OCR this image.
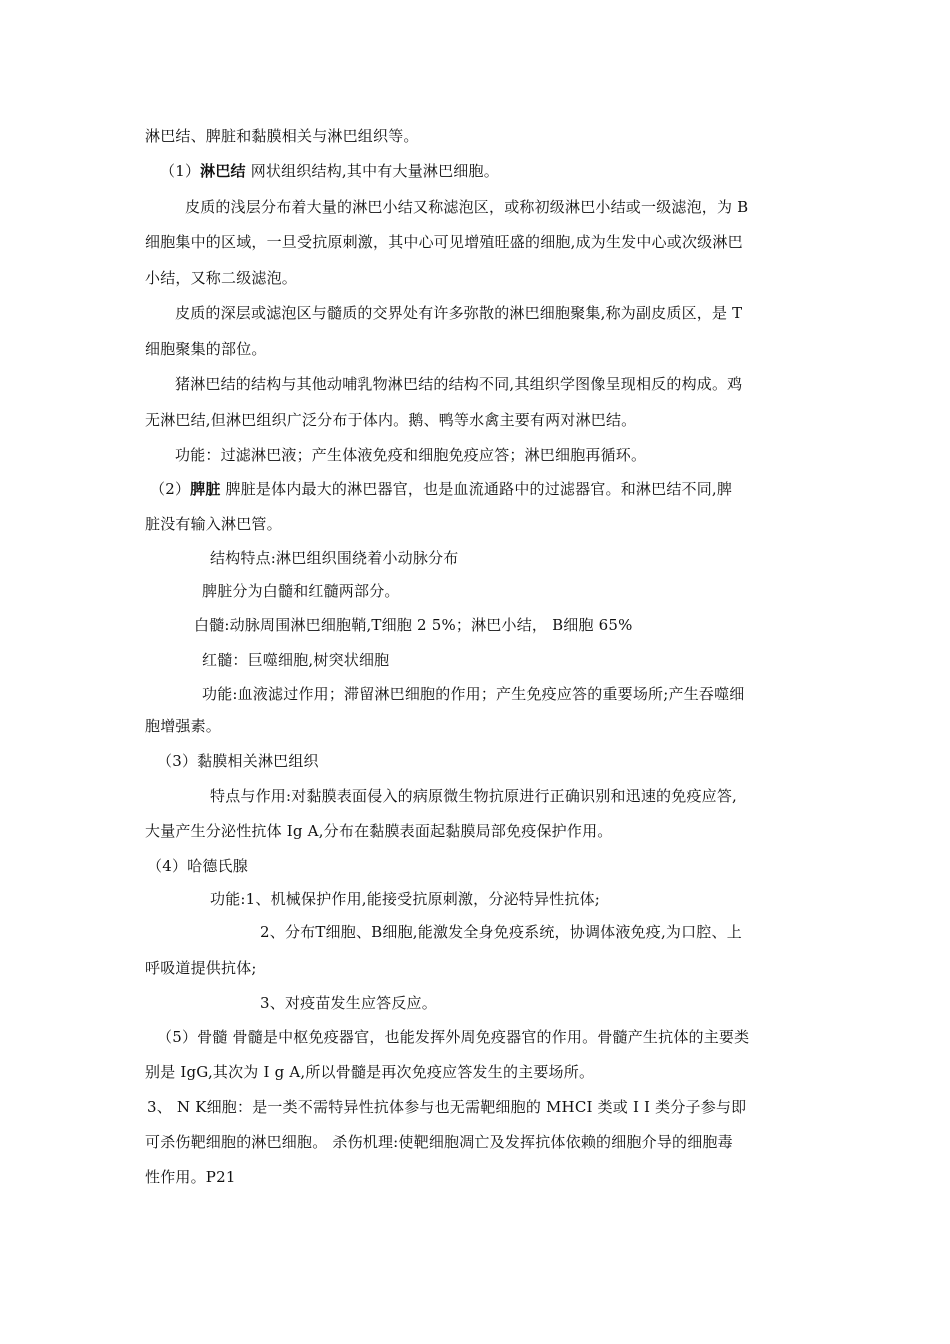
淋巴结、脾脏和黏膜相关与淋巴组织等。
（1）淋巴结 网状组织结构,其中有大量淋巴细胞。
皮质的浅层分布着大量的淋巴小结又称滤泡区，或称初级淋巴小结或一级滤泡，为 B
细胞集中的区域，一旦受抗原刺激，其中心可见增殖旺盛的细胞,成为生发中心或次级淋巴
小结，又称二级滤泡。
皮质的深层或滤泡区与髓质的交界处有许多弥散的淋巴细胞聚集,称为副皮质区，是 T
细胞聚集的部位。
猪淋巴结的结构与其他动哺乳物淋巴结的结构不同,其组织学图像呈现相反的构成。鸡
无淋巴结,但淋巴组织广泛分布于体内。鹅、鸭等水禽主要有两对淋巴结。
功能：过滤淋巴液；产生体液免疫和细胞免疫应答；淋巴细胞再循环。
（2）脾脏 脾脏是体内最大的淋巴器官，也是血流通路中的过滤器官。和淋巴结不同,脾
脏没有输入淋巴管。
结构特点:淋巴组织围绕着小动脉分布
脾脏分为白髓和红髓两部分。
白髓:动脉周围淋巴细胞鞘,T细胞 2 5%；淋巴小结， B细胞 65%
红髓：巨噬细胞,树突状细胞
功能:血液滤过作用；滞留淋巴细胞的作用；产生免疫应答的重要场所;产生吞噬细
胞增强素。
（3）黏膜相关淋巴组织
特点与作用:对黏膜表面侵入的病原微生物抗原进行正确识别和迅速的免疫应答,
大量产生分泌性抗体 Ig A,分布在黏膜表面起黏膜局部免疫保护作用。
（4）哈德氏腺
功能:1、机械保护作用,能接受抗原刺激，分泌特异性抗体;
2、分布T细胞、B细胞,能激发全身免疫系统，协调体液免疫,为口腔、上
呼吸道提供抗体;
3、对疫苗发生应答反应。
（5）骨髓 骨髓是中枢免疫器官，也能发挥外周免疫器官的作用。骨髓产生抗体的主要类
别是 IgG,其次为 I g A,所以骨髓是再次免疫应答发生的主要场所。
3、 N K细胞：是一类不需特异性抗体参与也无需靶细胞的 MHCI 类或 I I 类分子参与即
可杀伤靶细胞的淋巴细胞。 杀伤机理:使靶细胞凋亡及发挥抗体依赖的细胞介导的细胞毒
性作用。P21
